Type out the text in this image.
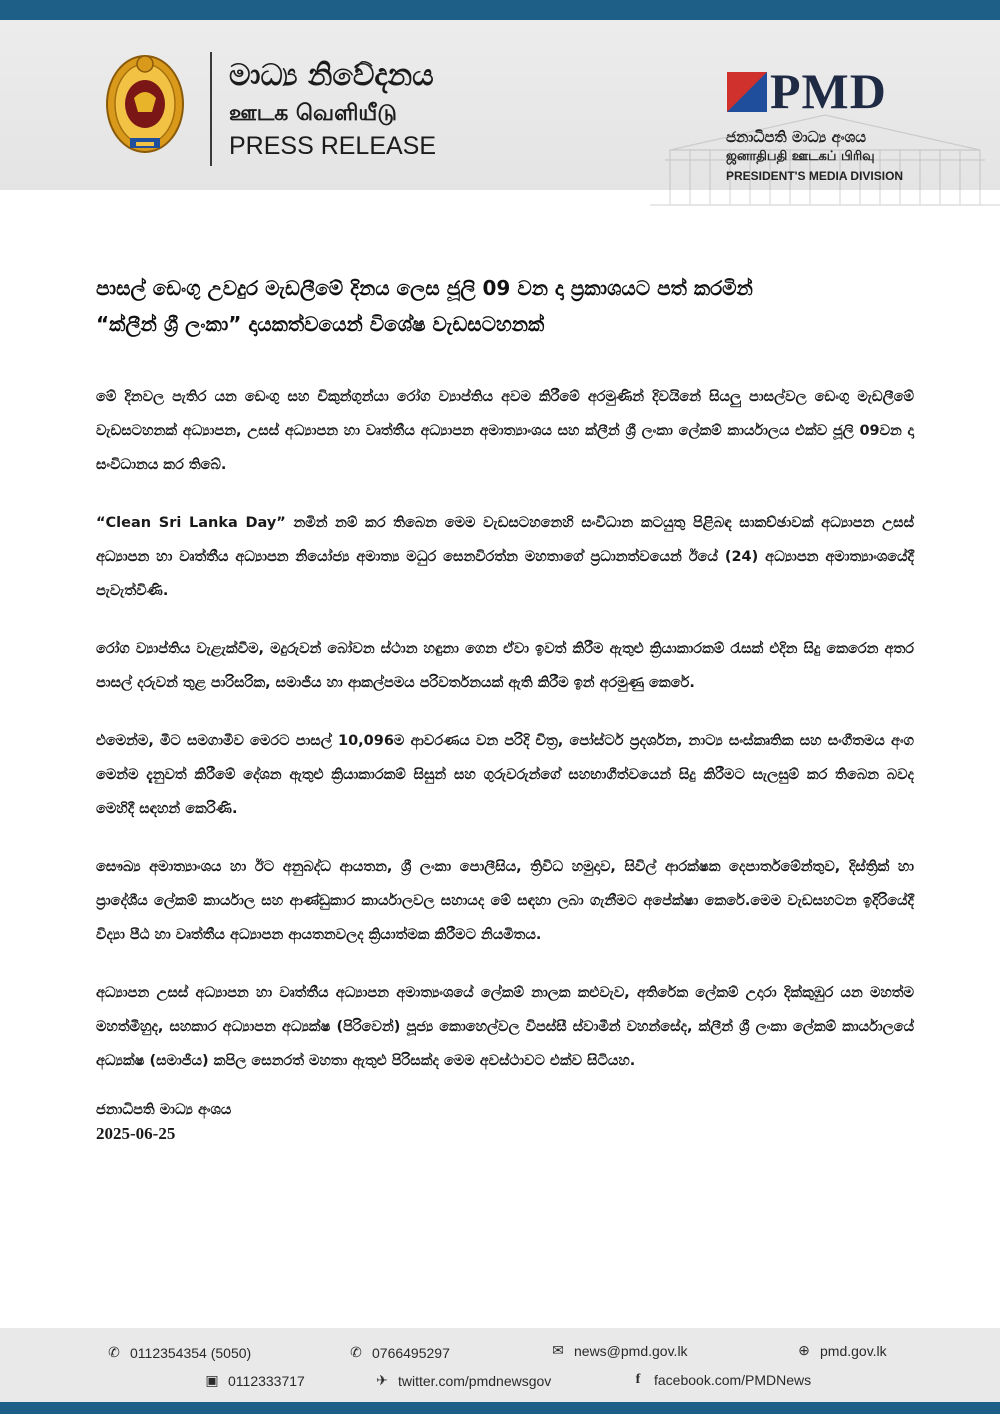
මාධ්‍ය නිවේදනය
ஊடக வெளியீடு
PRESS RELEASE
PMD
ජනාධිපති මාධ්‍ය අංශය
ஜனாதிபதி ஊடகப் பிரிவு
PRESIDENT'S MEDIA DIVISION
පාසල් ඩෙංගු උවදුර මැඩලීමේ දිනය ලෙස ජූලි 09 වන දා ප්‍රකාශයට පත් කරමින්
“ක්ලීන් ශ්‍රී ලංකා” දායකත්වයෙන් විශේෂ වැඩසටහනක්

මේ දිනවල පැතිර යන ඩෙංගු සහ චිකුන්ගුන්යා රෝග ව්‍යාප්තිය අවම කිරීමේ අරමුණින් දිවයිනේ සියලු පාසල්වල ඩෙංගු මැඩලීමේ වැඩසටහනක් අධ්‍යාපන, උසස් අධ්‍යාපන හා වෘත්තීය අධ්‍යාපන අමාත්‍යාංශය සහ ක්ලීන් ශ්‍රී ලංකා ලේකම් කාර්යාලය එක්ව ජූලි 09වන දා සංවිධානය කර තිබේ.

“Clean Sri Lanka Day” නමින් නම් කර තිබෙන මෙම වැඩසටහනෙහි සංවිධාන කටයුතු පිළිබඳ සාකච්ඡාවක් අධ්‍යාපන උසස් අධ්‍යාපන හා වෘත්තීය අධ්‍යාපන නියෝජ්‍ය අමාත්‍ය මධුර සෙනවිරත්න මහතාගේ ප්‍රධානත්වයෙන් ඊයේ (24) අධ්‍යාපන අමාත්‍යාංශයේදී පැවැත්විණි.

රෝග ව්‍යාප්තිය වැළැක්වීම, මදුරුවන් බෝවන ස්ථාන හඳුනා ගෙන ඒවා ඉවත් කිරීම ඇතුළු ක්‍රියාකාරකම් රැසක් එදින සිදු කෙරෙන අතර පාසල් දරුවන් තුළ පාරිසරික, සමාජීය හා ආකල්පමය පරිවර්තනයක් ඇති කිරීම ඉන් අරමුණු කෙරේ.

එමෙන්ම, මීට සමගාමීව මෙරට පාසල් 10,096ම ආවරණය වන පරිදි චිත්‍ර, පෝස්ටර් ප්‍රදර්ශන, නාට්‍ය සංස්කෘතික සහ සංගීතමය අංග මෙන්ම දැනුවත් කිරීමේ දේශන ඇතුළු ක්‍රියාකාරකම් සිසුන් සහ ගුරුවරුන්ගේ සහභාගීත්වයෙන් සිදු කිරීමට සැලසුම් කර තිබෙන බවද මෙහිදී සඳහන් කෙරිණි.

සෞඛ්‍ය අමාත්‍යාංශය හා ඊට අනුබද්ධ ආයතන, ශ්‍රී ලංකා පොලීසිය, ත්‍රිවිධ හමුදාව, සිවිල් ආරක්ෂක දෙපාර්තමේන්තුව, දිස්ත්‍රික් හා ප්‍රාදේශීය ලේකම් කාර්යාල සහ ආණ්ඩුකාර කාර්යාලවල සහායද මේ සඳහා ලබා ගැනීමට අපේක්ෂා කෙරේ.මෙම වැඩසහටන ඉදිරියේදී විද්‍යා පීඨ හා වෘත්තීය අධ්‍යාපන ආයතනවලද ක්‍රියාත්මක කිරීමට නියමිතය.

අධ්‍යාපන උසස් අධ්‍යාපන හා වෘත්තීය අධ්‍යාපන අමාත්‍යංශයේ ලේකම් නාලක කළුවැව, අතිරේක ලේකම් උදාරා දික්කුඹුර යන මහත්ම මහත්මීහුද, සහකාර අධ්‍යාපන අධ්‍යක්ෂ (පිරිවෙන්) පූජ්‍ය කොහෙල්වල විපස්සී ස්වාමීන් වහන්සේද, ක්ලීන් ශ්‍රී ලංකා ලේකම් කාර්යාලයේ අධ්‍යක්ෂ (සමාජීය) කපිල සෙනරත් මහතා ඇතුළු පිරිසක්ද මෙම අවස්ථාවට එක්ව සිටියහ.

ජනාධිපති මාධ්‍ය අංශය
2025-06-25
✆ 0112354354 (5050)	✆ 0766495297	✉ news@pmd.gov.lk	⊕ pmd.gov.lk
▣ 0112333717	✈ twitter.com/pmdnewsgov	f facebook.com/PMDNews
